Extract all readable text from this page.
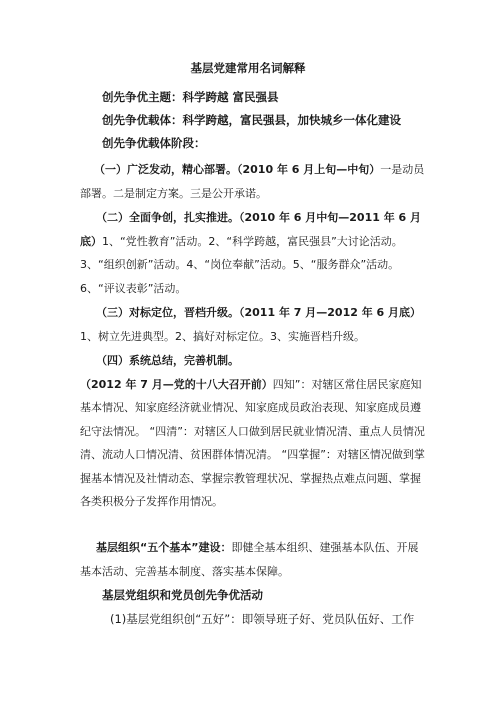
基层党建常用名词解释
创先争优主题：科学跨越 富民强县
创先争优载体：科学跨越，富民强县，加快城乡一体化建设
创先争优载体阶段：
（一）广泛发动，精心部署。（2010 年 6 月上旬—中旬）一是动员部署。二是制定方案。三是公开承诺。
（二）全面争创，扎实推进。（2010 年 6 月中旬—2011 年 6 月底）1、“党性教育”活动。2、“科学跨越，富民强县”大讨论活动。3、“组织创新”活动。4、“岗位奉献”活动。5、“服务群众”活动。6、“评议表彰”活动。
（三）对标定位，晋档升级。（2011 年 7 月—2012 年 6 月底）1、树立先进典型。2、搞好对标定位。3、实施晋档升级。
（四）系统总结，完善机制。（2012 年 7 月—党的十八大召开前）四知”：对辖区常住居民家庭知基本情况、知家庭经济就业情况、知家庭成员政治表现、知家庭成员遵纪守法情况。 “四清”：对辖区人口做到居民就业情况清、重点人员情况清、流动人口情况清、贫困群体情况清。 “四掌握”：对辖区情况做到掌握基本情况及社情动态、掌握宗教管理状况、掌握热点难点问题、掌握各类积极分子发挥作用情况。
基层组织“五个基本”建设：即健全基本组织、建强基本队伍、开展基本活动、完善基本制度、落实基本保障。
基层党组织和党员创先争优活动
(1)基层党组织创“五好”：即领导班子好、党员队伍好、工作
